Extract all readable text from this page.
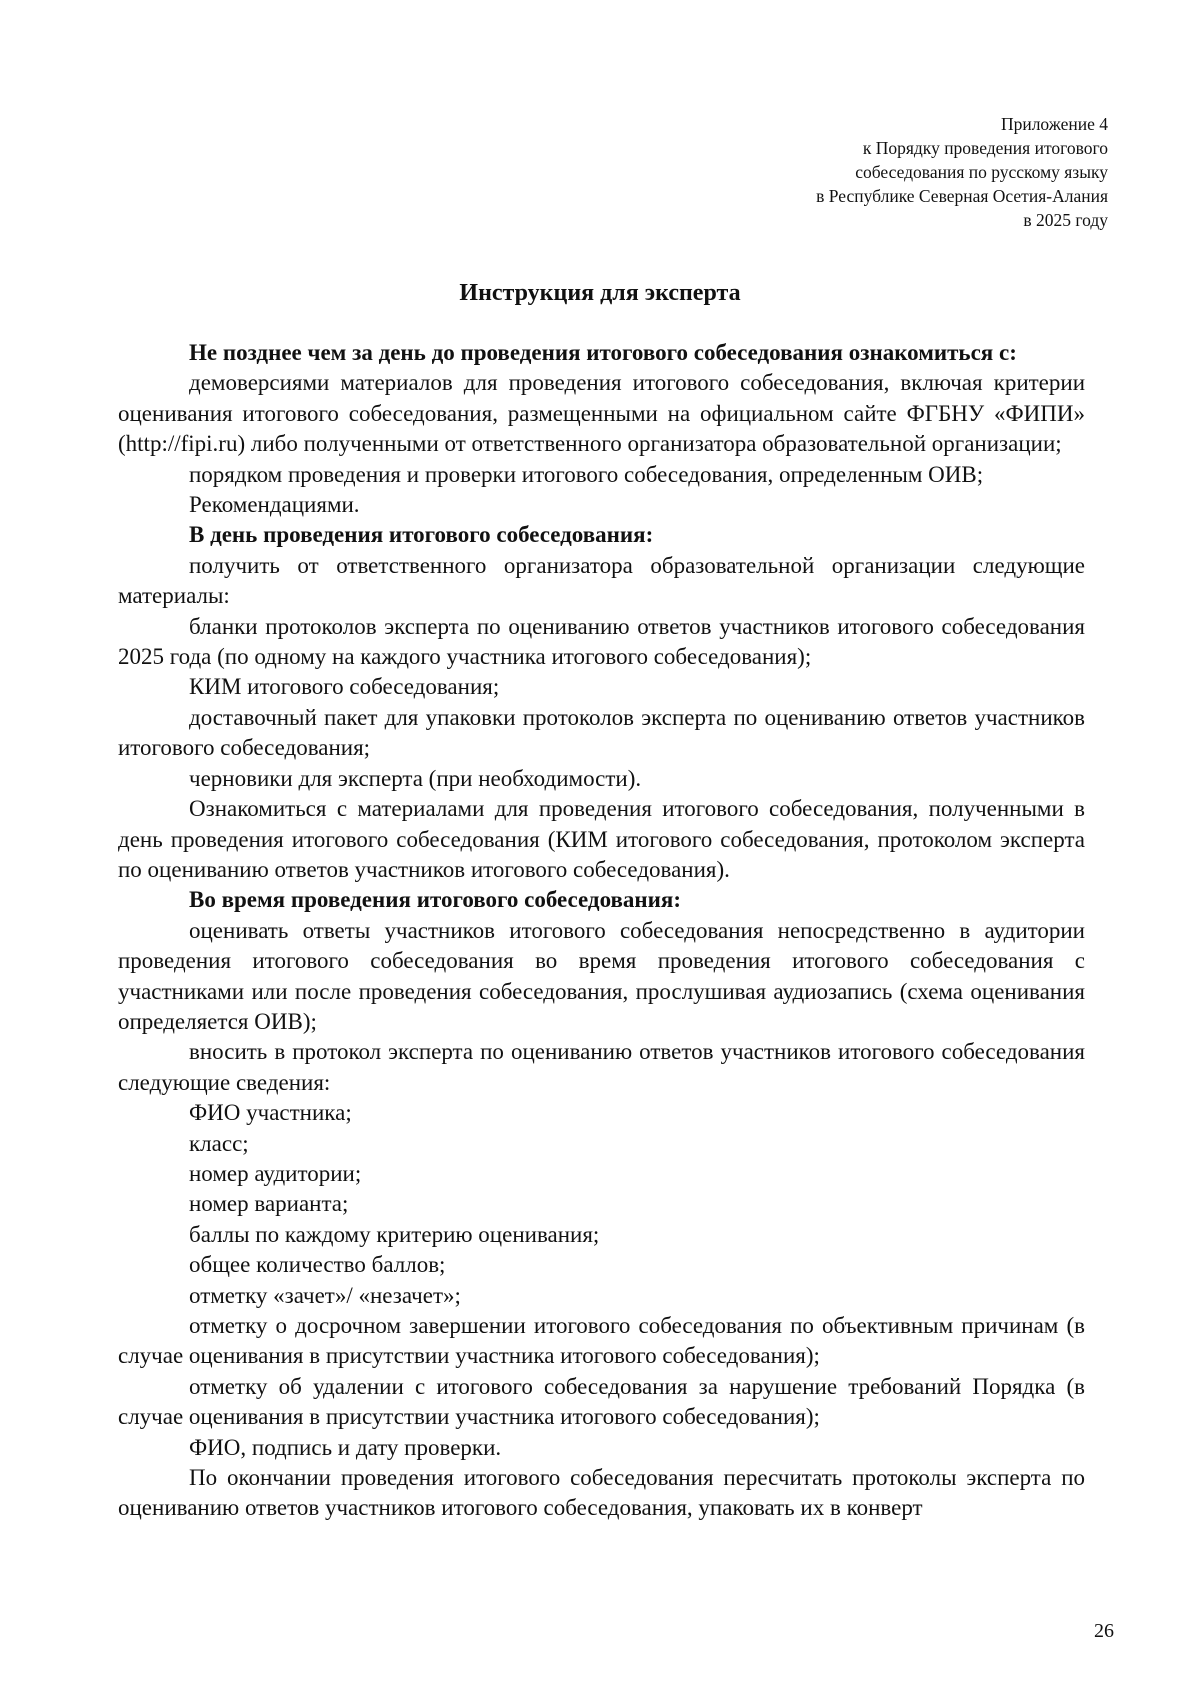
Приложение 4
к Порядку проведения итогового
собеседования по русскому языку
в Республике Северная Осетия-Алания
в 2025 году
Инструкция для эксперта

Не позднее чем за день до проведения итогового собеседования ознакомиться с:

демоверсиями материалов для проведения итогового собеседования, включая критерии оценивания итогового собеседования, размещенными на официальном сайте ФГБНУ «ФИПИ» (http://fipi.ru) либо полученными от ответственного организатора образовательной организации;

порядком проведения и проверки итогового собеседования, определенным ОИВ;

Рекомендациями.

В день проведения итогового собеседования:

получить от ответственного организатора образовательной организации следующие материалы:

бланки протоколов эксперта по оцениванию ответов участников итогового собеседования 2025 года (по одному на каждого участника итогового собеседования);

КИМ итогового собеседования;

доставочный пакет для упаковки протоколов эксперта по оцениванию ответов участников итогового собеседования;

черновики для эксперта (при необходимости).

Ознакомиться с материалами для проведения итогового собеседования, полученными в день проведения итогового собеседования (КИМ итогового собеседования, протоколом эксперта по оцениванию ответов участников итогового собеседования).

Во время проведения итогового собеседования:

оценивать ответы участников итогового собеседования непосредственно в аудитории проведения итогового собеседования во время проведения итогового собеседования с участниками или после проведения собеседования, прослушивая аудиозапись (схема оценивания определяется ОИВ);

вносить в протокол эксперта по оцениванию ответов участников итогового собеседования следующие сведения:

ФИО участника;

класс;

номер аудитории;

номер варианта;

баллы по каждому критерию оценивания;

общее количество баллов;

отметку «зачет»/ «незачет»;

отметку о досрочном завершении итогового собеседования по объективным причинам (в случае оценивания в присутствии участника итогового собеседования);

отметку об удалении с итогового собеседования за нарушение требований Порядка (в случае оценивания в присутствии участника итогового собеседования);

ФИО, подпись и дату проверки.

По окончании проведения итогового собеседования пересчитать протоколы эксперта по оцениванию ответов участников итогового собеседования, упаковать их в конверт

26
